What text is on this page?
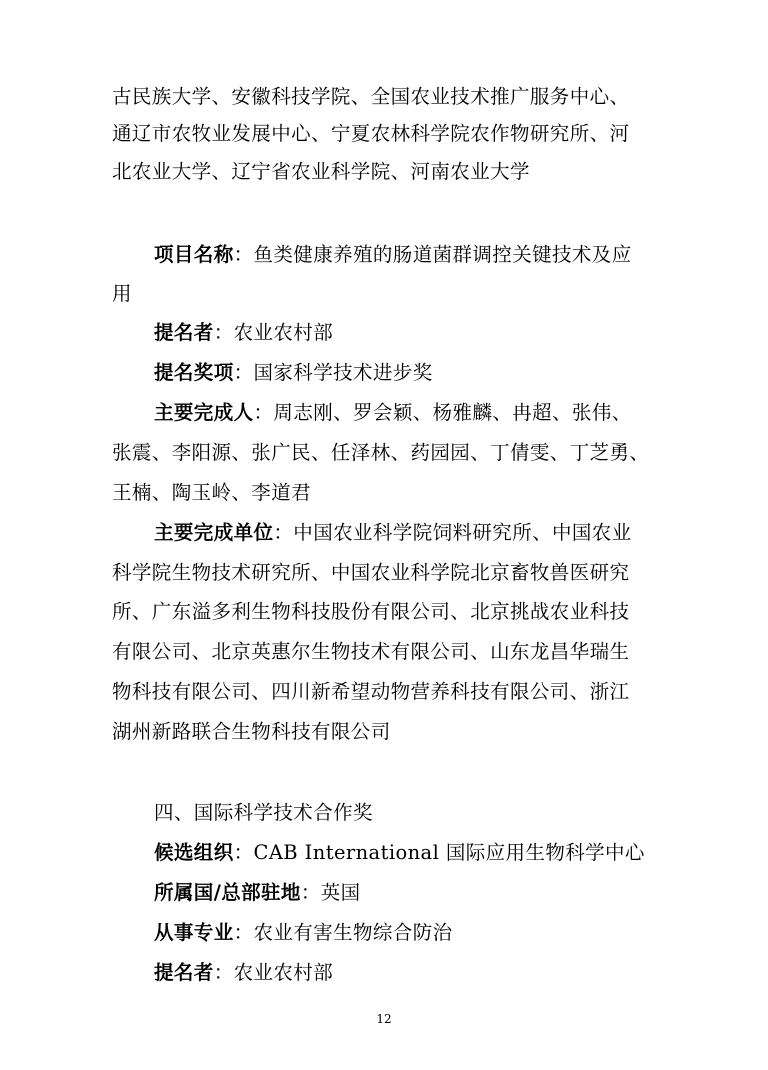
古民族大学、安徽科技学院、全国农业技术推广服务中心、
通辽市农牧业发展中心、宁夏农林科学院农作物研究所、河
北农业大学、辽宁省农业科学院、河南农业大学
项目名称：鱼类健康养殖的肠道菌群调控关键技术及应
用
提名者：农业农村部
提名奖项：国家科学技术进步奖
主要完成人：周志刚、罗会颖、杨雅麟、冉超、张伟、
张震、李阳源、张广民、任泽林、药园园、丁倩雯、丁芝勇、
王楠、陶玉岭、李道君
主要完成单位：中国农业科学院饲料研究所、中国农业
科学院生物技术研究所、中国农业科学院北京畜牧兽医研究
所、广东溢多利生物科技股份有限公司、北京挑战农业科技
有限公司、北京英惠尔生物技术有限公司、山东龙昌华瑞生
物科技有限公司、四川新希望动物营养科技有限公司、浙江
湖州新路联合生物科技有限公司
四、国际科学技术合作奖
候选组织：CAB International 国际应用生物科学中心
所属国/总部驻地：英国
从事专业：农业有害生物综合防治
提名者：农业农村部
12
